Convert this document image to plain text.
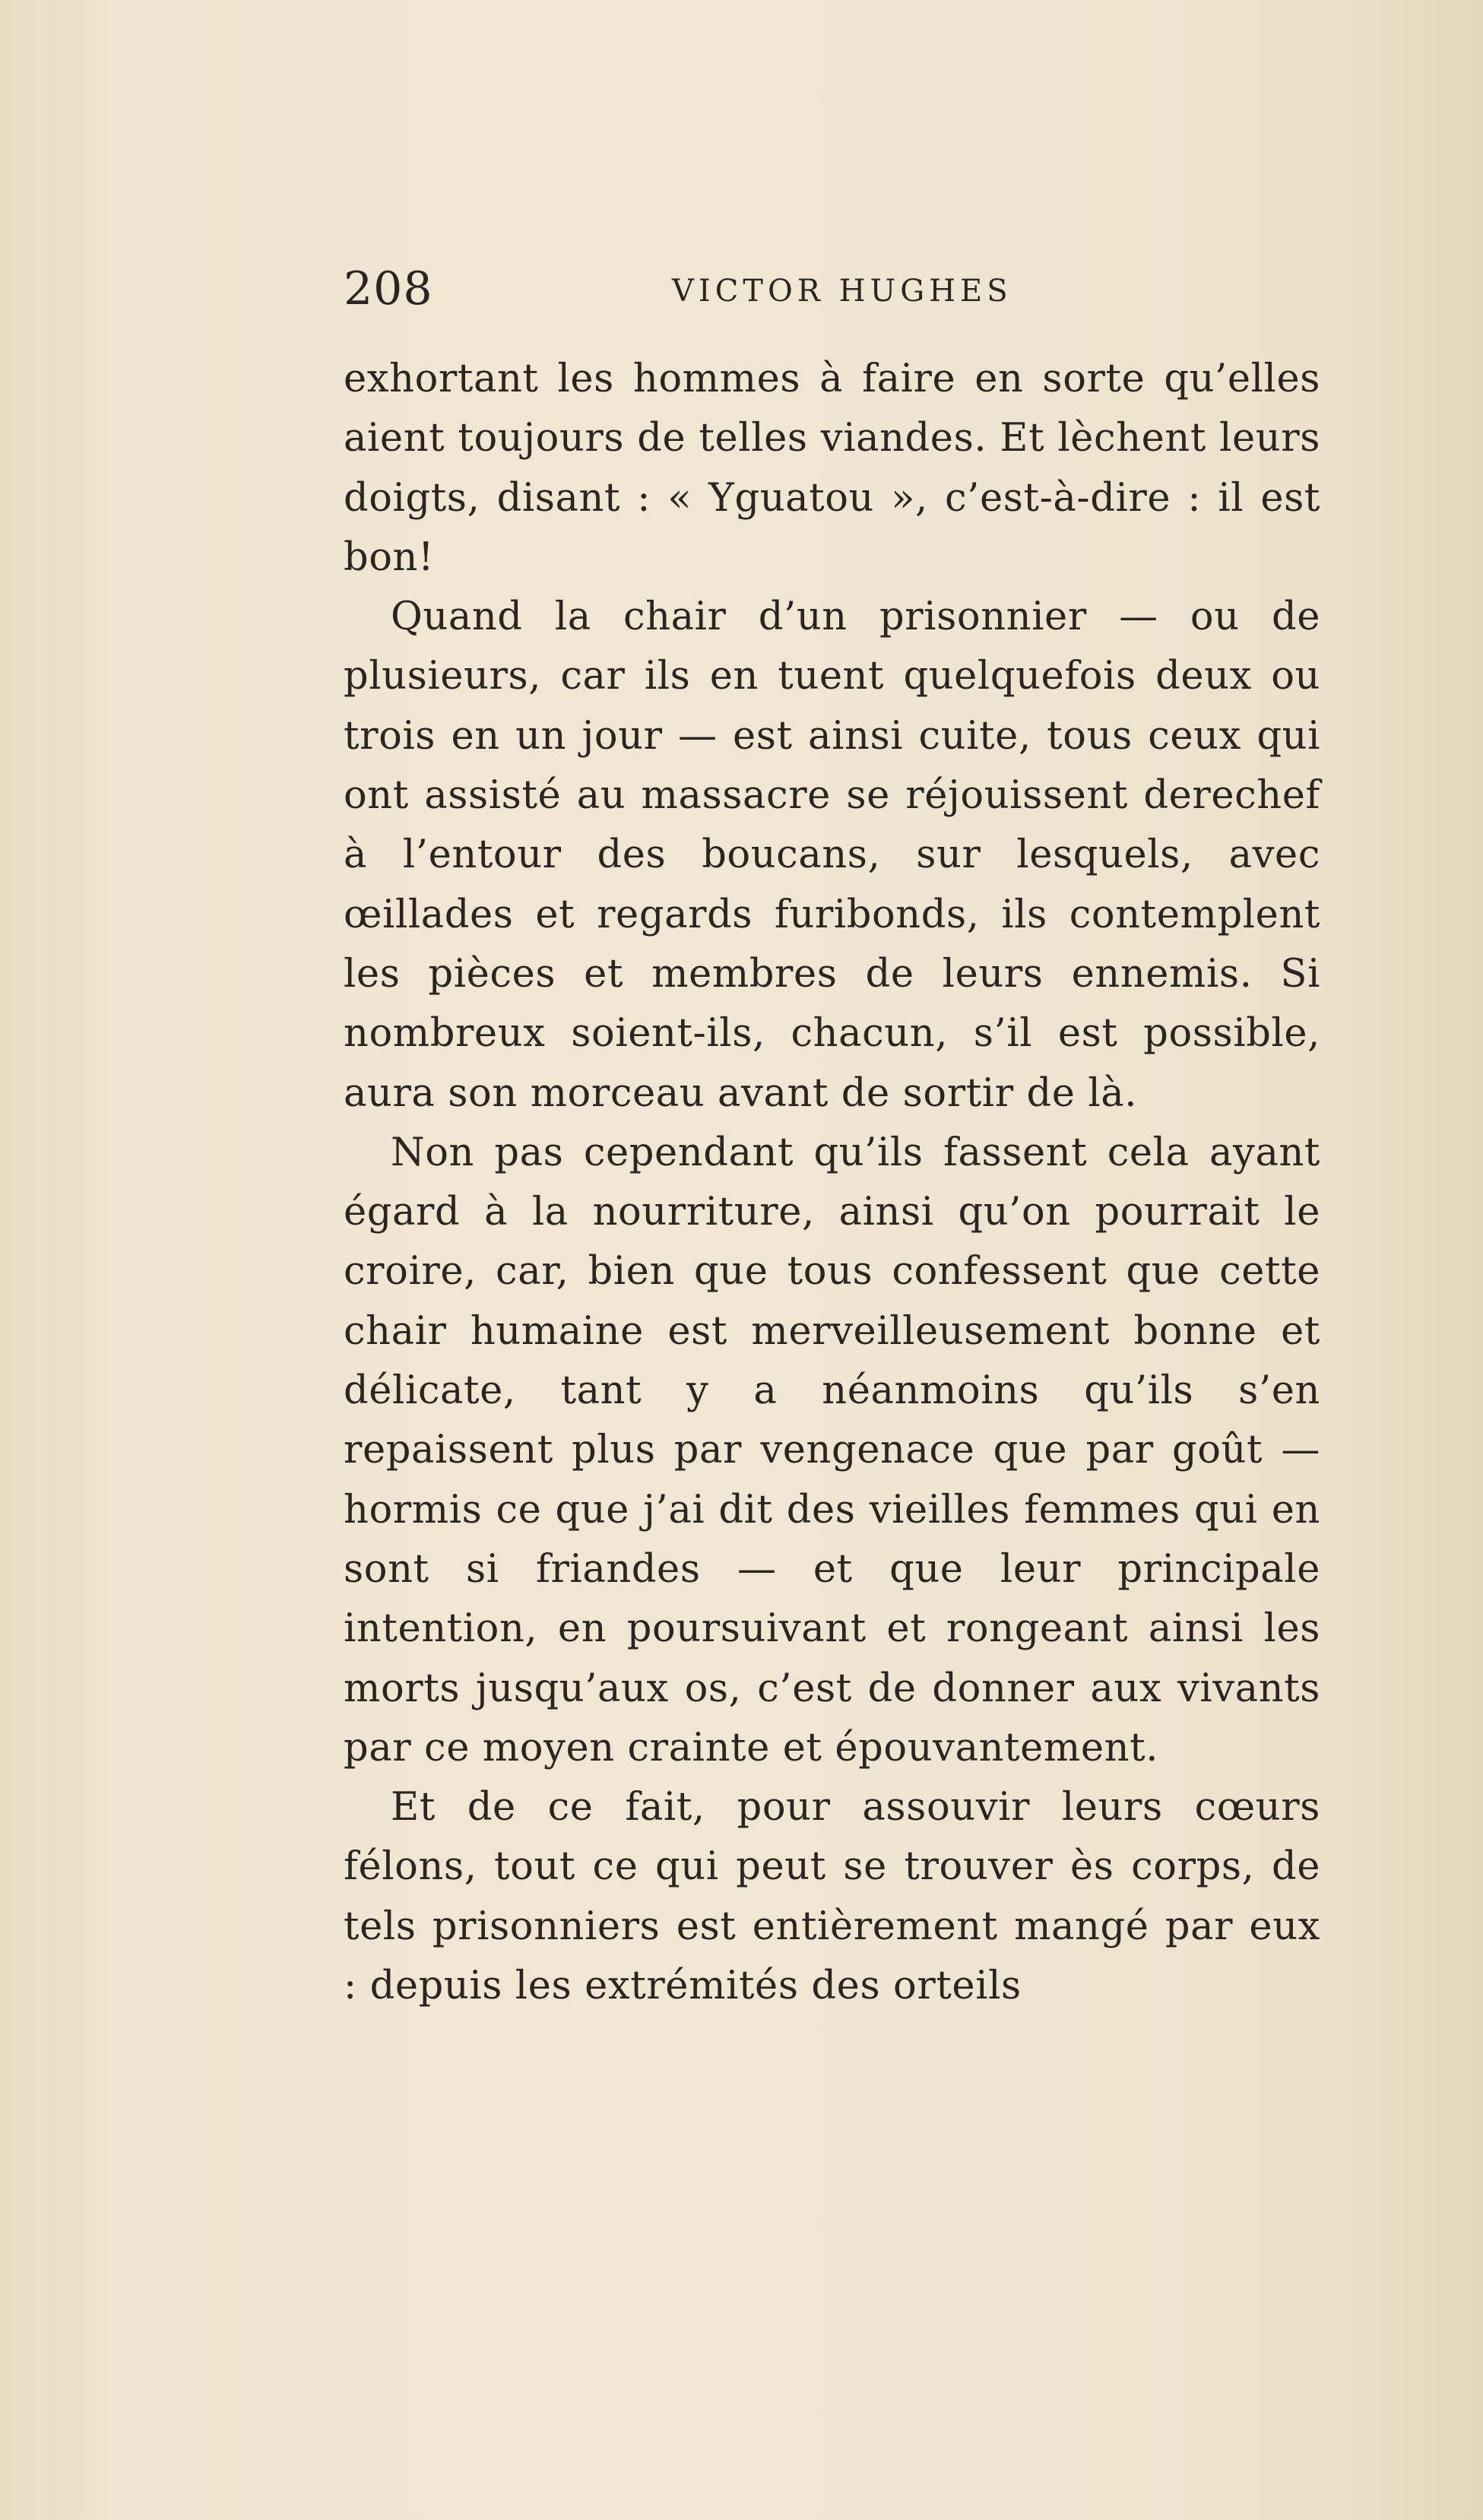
208	VICTOR HUGHES

exhortant les hommes à faire en sorte qu’elles aient toujours de telles viandes. Et lèchent leurs doigts, disant : « Yguatou », c’est-à-dire : il est bon!

Quand la chair d’un prisonnier — ou de plusieurs, car ils en tuent quelquefois deux ou trois en un jour — est ainsi cuite, tous ceux qui ont assisté au massacre se réjouissent derechef à l’entour des boucans, sur lesquels, avec œillades et regards furibonds, ils contemplent les pièces et membres de leurs ennemis. Si nombreux soient-ils, chacun, s’il est possible, aura son morceau avant de sortir de là.

Non pas cependant qu’ils fassent cela ayant égard à la nourriture, ainsi qu’on pourrait le croire, car, bien que tous confessent que cette chair humaine est merveilleusement bonne et délicate, tant y a néanmoins qu’ils s’en repaissent plus par vengenace que par goût — hormis ce que j’ai dit des vieilles femmes qui en sont si friandes — et que leur principale intention, en poursuivant et rongeant ainsi les morts jusqu’aux os, c’est de donner aux vivants par ce moyen crainte et épouvantement.

Et de ce fait, pour assouvir leurs cœurs félons, tout ce qui peut se trouver ès corps, de tels prisonniers est entièrement mangé par eux : depuis les extrémités des orteils
